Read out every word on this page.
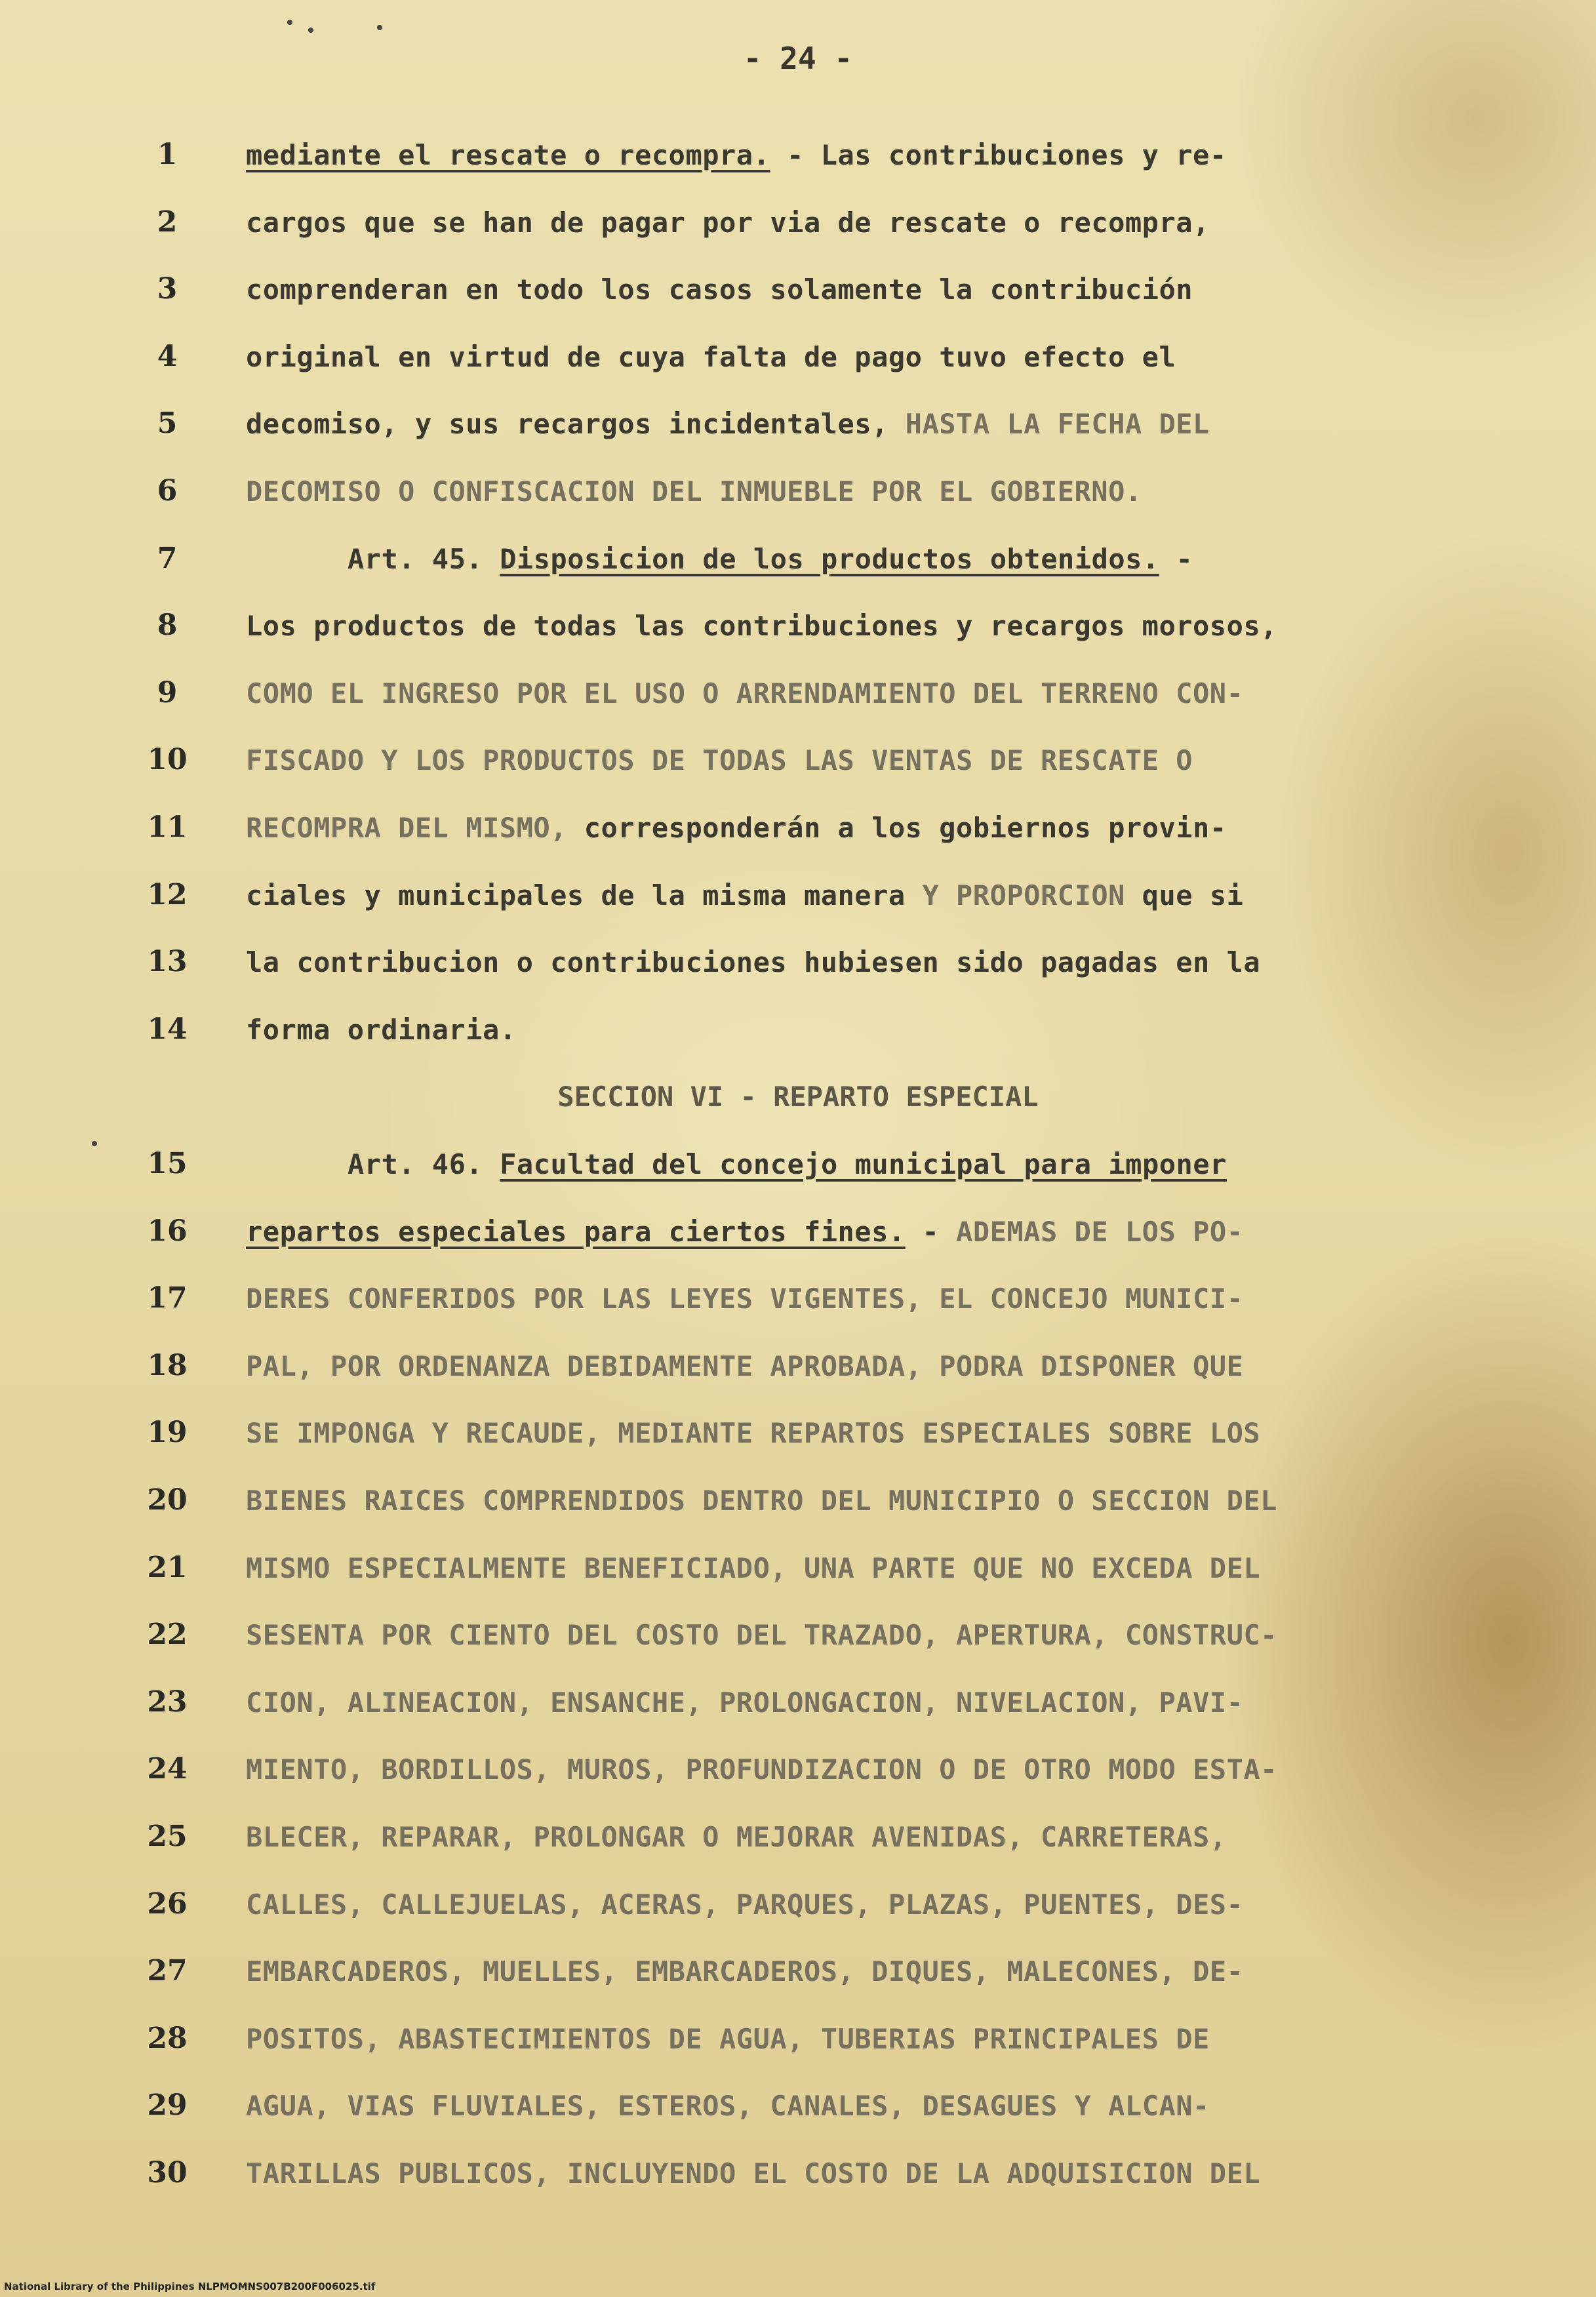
- 24 -
1	mediante el rescate o recompra. - Las contribuciones y re-
2	cargos que se han de pagar por via de rescate o recompra,
3	comprenderan en todo los casos solamente la contribución
4	original en virtud de cuya falta de pago tuvo efecto el
5	decomiso, y sus recargos incidentales, HASTA LA FECHA DEL
6	DECOMISO O CONFISCACION DEL INMUEBLE POR EL GOBIERNO.
7	Art. 45. Disposicion de los productos obtenidos. -
8	Los productos de todas las contribuciones y recargos morosos,
9	COMO EL INGRESO POR EL USO O ARRENDAMIENTO DEL TERRENO CON-
10	FISCADO Y LOS PRODUCTOS DE TODAS LAS VENTAS DE RESCATE O
11	RECOMPRA DEL MISMO, corresponderán a los gobiernos provin-
12	ciales y municipales de la misma manera Y PROPORCION que si
13	la contribucion o contribuciones hubiesen sido pagadas en la
14	forma ordinaria.
SECCION VI - REPARTO ESPECIAL
15	Art. 46. Facultad del concejo municipal para imponer
16	repartos especiales para ciertos fines. - ADEMAS DE LOS PO-
17	DERES CONFERIDOS POR LAS LEYES VIGENTES, EL CONCEJO MUNICI-
18	PAL, POR ORDENANZA DEBIDAMENTE APROBADA, PODRA DISPONER QUE
19	SE IMPONGA Y RECAUDE, MEDIANTE REPARTOS ESPECIALES SOBRE LOS
20	BIENES RAICES COMPRENDIDOS DENTRO DEL MUNICIPIO O SECCION DEL
21	MISMO ESPECIALMENTE BENEFICIADO, UNA PARTE QUE NO EXCEDA DEL
22	SESENTA POR CIENTO DEL COSTO DEL TRAZADO, APERTURA, CONSTRUC-
23	CION, ALINEACION, ENSANCHE, PROLONGACION, NIVELACION, PAVI-
24	MIENTO, BORDILLOS, MUROS, PROFUNDIZACION O DE OTRO MODO ESTA-
25	BLECER, REPARAR, PROLONGAR O MEJORAR AVENIDAS, CARRETERAS,
26	CALLES, CALLEJUELAS, ACERAS, PARQUES, PLAZAS, PUENTES, DES-
27	EMBARCADEROS, MUELLES, EMBARCADEROS, DIQUES, MALECONES, DE-
28	POSITOS, ABASTECIMIENTOS DE AGUA, TUBERIAS PRINCIPALES DE
29	AGUA, VIAS FLUVIALES, ESTEROS, CANALES, DESAGUES Y ALCAN-
30	TARILLAS PUBLICOS, INCLUYENDO EL COSTO DE LA ADQUISICION DEL
National Library of the Philippines NLPMOMNS007B200F006025.tif
